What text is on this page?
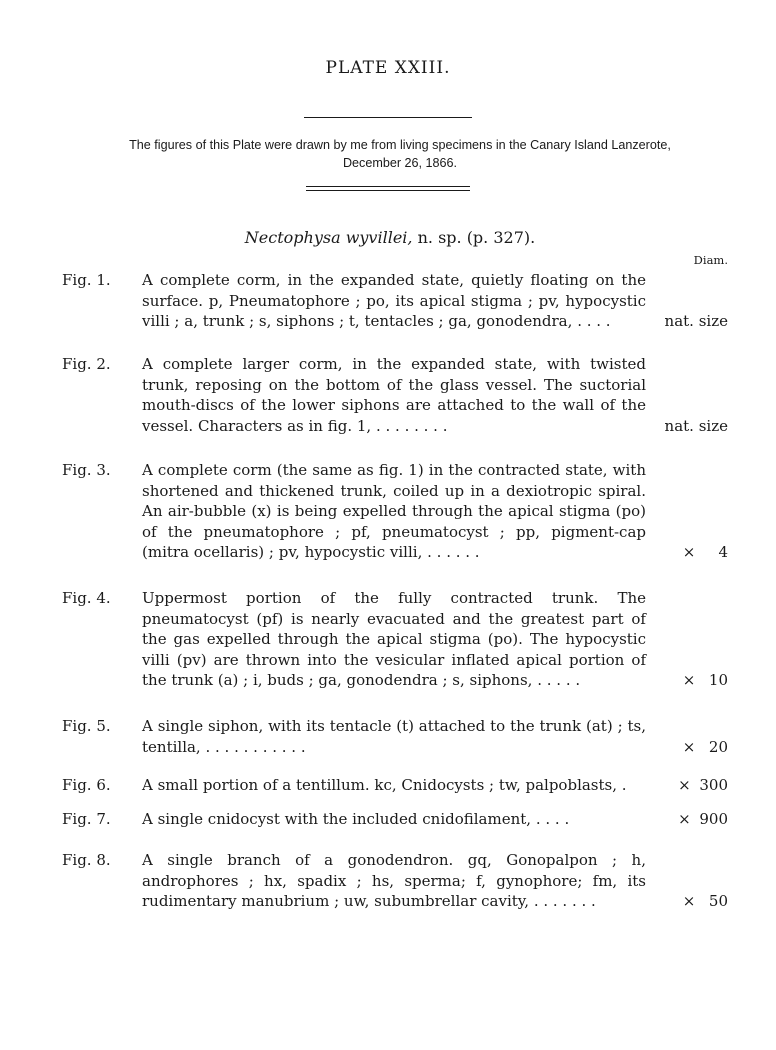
PLATE XXIII.
The figures of this Plate were drawn by me from living specimens in the Canary Island Lanzerote,
December 26, 1866.
Nectophysa wyvillei, n. sp. (p. 327).
Diam.
Fig. 1. A complete corm, in the expanded state, quietly floating on the surface. p, Pneumatophore ; po, its apical stigma ; pv, hypocystic villi ; a, trunk ; s, siphons ; t, tentacles ; ga, gonodendra, . . . .	nat. size
Fig. 2. A complete larger corm, in the expanded state, with twisted trunk, reposing on the bottom of the glass vessel. The suctorial mouth-discs of the lower siphons are attached to the wall of the vessel. Characters as in fig. 1, . . . . . . . .	nat. size
Fig. 3. A complete corm (the same as fig. 1) in the contracted state, with shortened and thickened trunk, coiled up in a dexiotropic spiral. An air-bubble (x) is being expelled through the apical stigma (po) of the pneumatophore ; pf, pneumatocyst ; pp, pigment-cap (mitra ocellaris) ; pv, hypocystic villi, . . . . . .	× 4
Fig. 4. Uppermost portion of the fully contracted trunk. The pneumatocyst (pf) is nearly evacuated and the greatest part of the gas expelled through the apical stigma (po). The hypocystic villi (pv) are thrown into the vesicular inflated apical portion of the trunk (a) ; i, buds ; ga, gonodendra ; s, siphons, . . . . .	× 10
Fig. 5. A single siphon, with its tentacle (t) attached to the trunk (at) ; ts, tentilla, . . . . . . . . . . .	× 20
Fig. 6. A small portion of a tentillum. kc, Cnidocysts ; tw, palpoblasts, .	× 300
Fig. 7. A single cnidocyst with the included cnidofilament, . . . .	× 900
Fig. 8. A single branch of a gonodendron. gq, Gonopalpon ; h, androphores ; hx, spadix ; hs, sperma; f, gynophore; fm, its rudimentary manubrium ; uw, subumbrellar cavity, . . . . . . .	× 50
